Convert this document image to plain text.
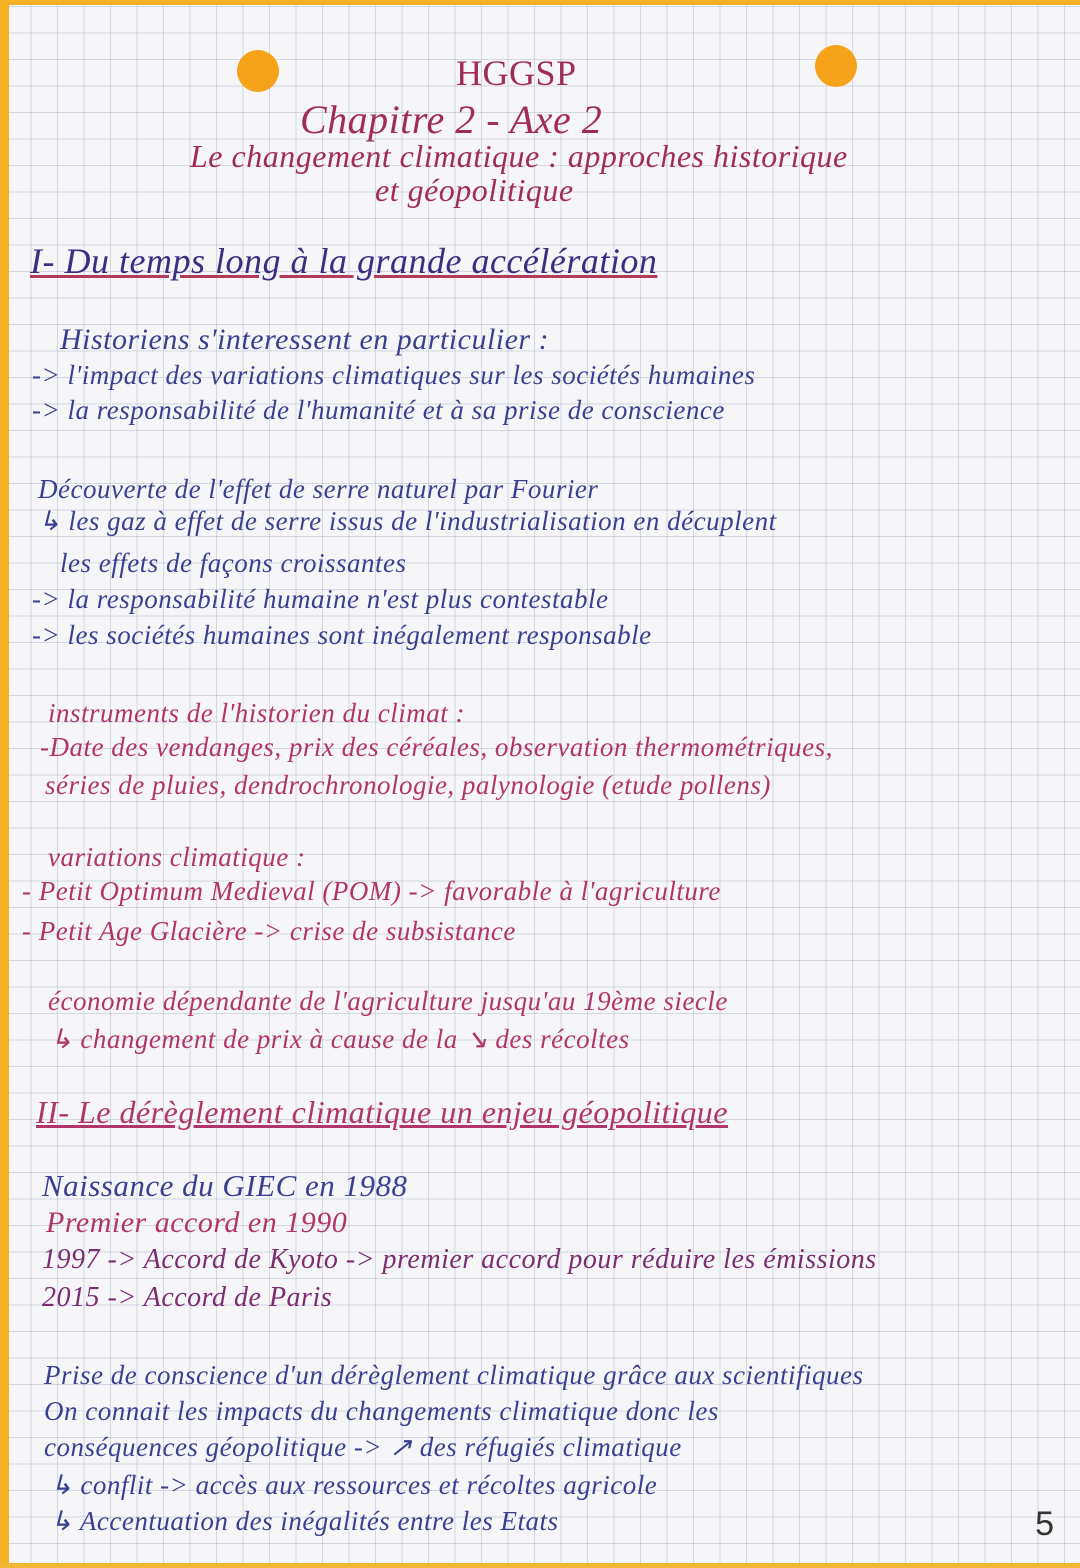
HGGSP
Chapitre 2 - Axe 2
Le changement climatique : approches historique
et géopolitique
I- Du temps long à la grande accélération
Historiens s'interessent en particulier :
-> l'impact des variations climatiques sur les sociétés humaines
-> la responsabilité de l'humanité et à sa prise de conscience
Découverte de l'effet de serre naturel par Fourier
↳ les gaz à effet de serre issus de l'industrialisation en décuplent
les effets de façons croissantes
-> la responsabilité humaine n'est plus contestable
-> les sociétés humaines sont inégalement responsable
instruments de l'historien du climat :
-Date des vendanges, prix des céréales, observation thermométriques,
séries de pluies, dendrochronologie, palynologie (etude pollens)
variations climatique :
- Petit Optimum Medieval (POM) -> favorable à l'agriculture
- Petit Age Glacière -> crise de subsistance
économie dépendante de l'agriculture jusqu'au 19ème siecle
↳ changement de prix à cause de la ↘ des récoltes
II- Le dérèglement climatique un enjeu géopolitique
Naissance du GIEC en 1988
Premier accord en 1990
1997 -> Accord de Kyoto -> premier accord pour réduire les émissions
2015 -> Accord de Paris
Prise de conscience d'un dérèglement climatique grâce aux scientifiques
On connait les impacts du changements climatique donc les
conséquences géopolitique -> ↗ des réfugiés climatique
↳ conflit -> accès aux ressources et récoltes agricole
↳ Accentuation des inégalités entre les Etats	5
